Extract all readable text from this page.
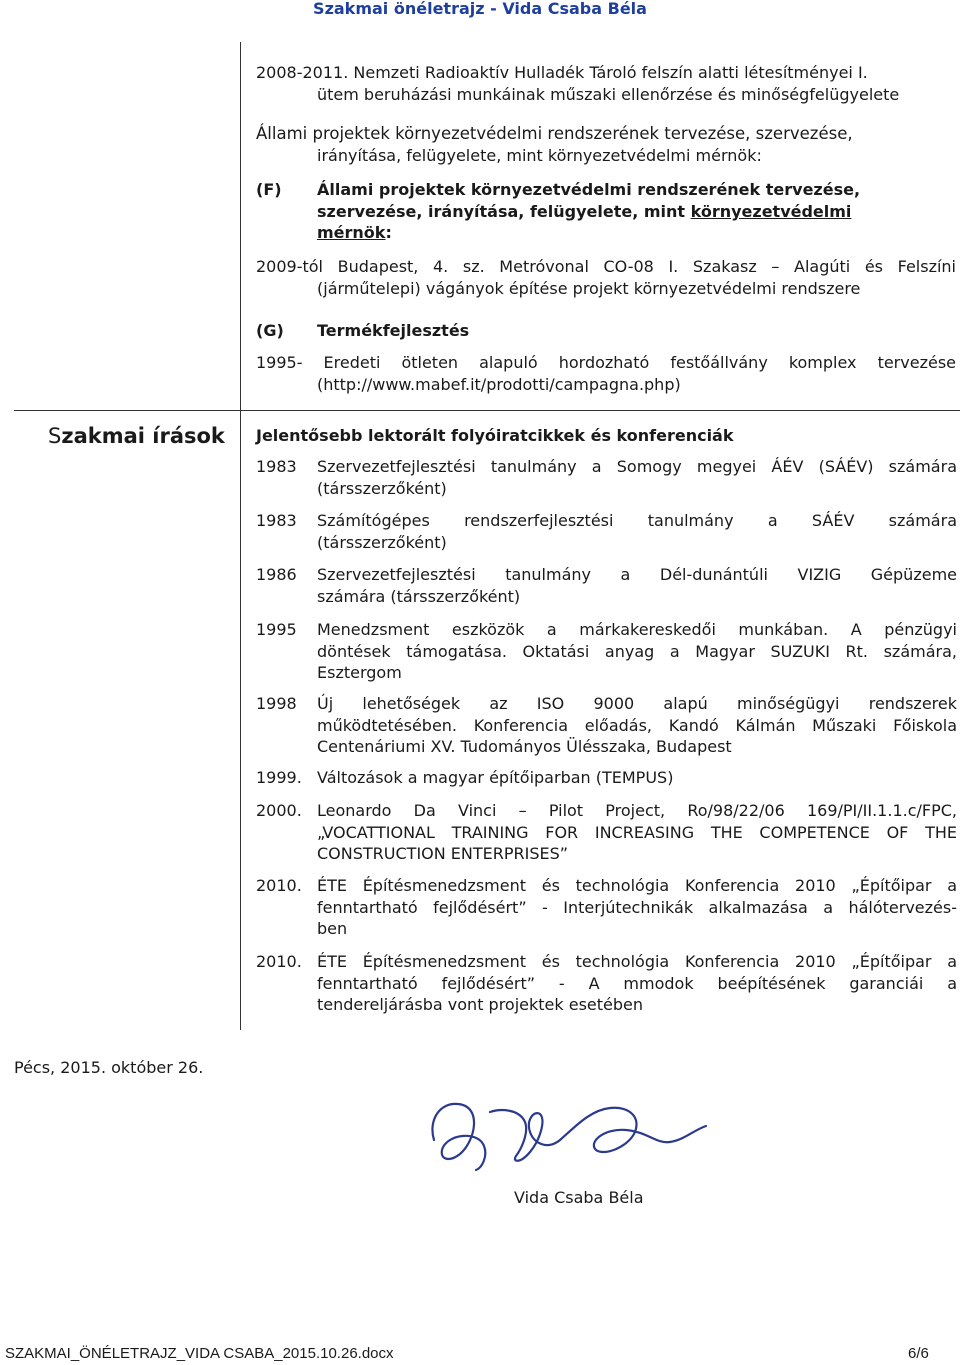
Szakmai önéletrajz - Vida Csaba Béla
2008-2011. Nemzeti Radioaktív Hulladék Tároló felszín alatti létesítményei I.
ütem beruházási munkáinak műszaki ellenőrzése és minőségfelügyelete
Állami projektek környezetvédelmi rendszerének tervezése, szervezése,
irányítása, felügyelete, mint környezetvédelmi mérnök:
(F)	Állami projektek környezetvédelmi rendszerének tervezése,
szervezése, irányítása, felügyelete, mint környezetvédelmi
mérnök:
2009-tól Budapest, 4. sz. Metróvonal CO-08 I. Szakasz – Alagúti és Felszíni
(járműtelepi) vágányok építése projekt környezetvédelmi rendszere
(G) Termékfejlesztés
1995- Eredeti ötleten alapuló hordozható festőállvány komplex tervezése
(http://www.mabef.it/prodotti/campagna.php)
Szakmai írások Jelentősebb lektorált folyóiratcikkek és konferenciák
1983	Szervezetfejlesztési tanulmány a Somogy megyei ÁÉV (SÁÉV) számára
(társszerzőként)
1983	Számítógépes rendszerfejlesztési tanulmány a SÁÉV számára
(társszerzőként)
1986	Szervezetfejlesztési tanulmány a Dél-dunántúli VIZIG Gépüzeme
számára (társszerzőként)
1995	Menedzsment eszközök a márkakereskedői munkában. A pénzügyi
döntések támogatása. Oktatási anyag a Magyar SUZUKI Rt. számára,
Esztergom
1998	Új lehetőségek az ISO 9000 alapú minőségügyi rendszerek
működtetésében. Konferencia előadás, Kandó Kálmán Műszaki Főiskola
Centenáriumi XV. Tudományos Ülésszaka, Budapest
1999. Változások a magyar építőiparban (TEMPUS)
2000. Leonardo Da Vinci – Pilot Project, Ro/98/22/06 169/PI/II.1.1.c/FPC,
„VOCATTIONAL TRAINING FOR INCREASING THE COMPETENCE OF THE
CONSTRUCTION ENTERPRISES”
2010. ÉTE Építésmenedzsment és technológia Konferencia 2010 „Építőipar a
fenntartható fejlődésért” - Interjútechnikák alkalmazása a hálótervezés-
ben
2010. ÉTE Építésmenedzsment és technológia Konferencia 2010 „Építőipar a
fenntartható fejlődésért” - A mmodok beépítésének garanciái a
tendereljárásba vont projektek esetében
Pécs, 2015. október 26.
Vida Csaba Béla
SZAKMAI_ÖNÉLETRAJZ_VIDA CSABA_2015.10.26.docx	6/6
